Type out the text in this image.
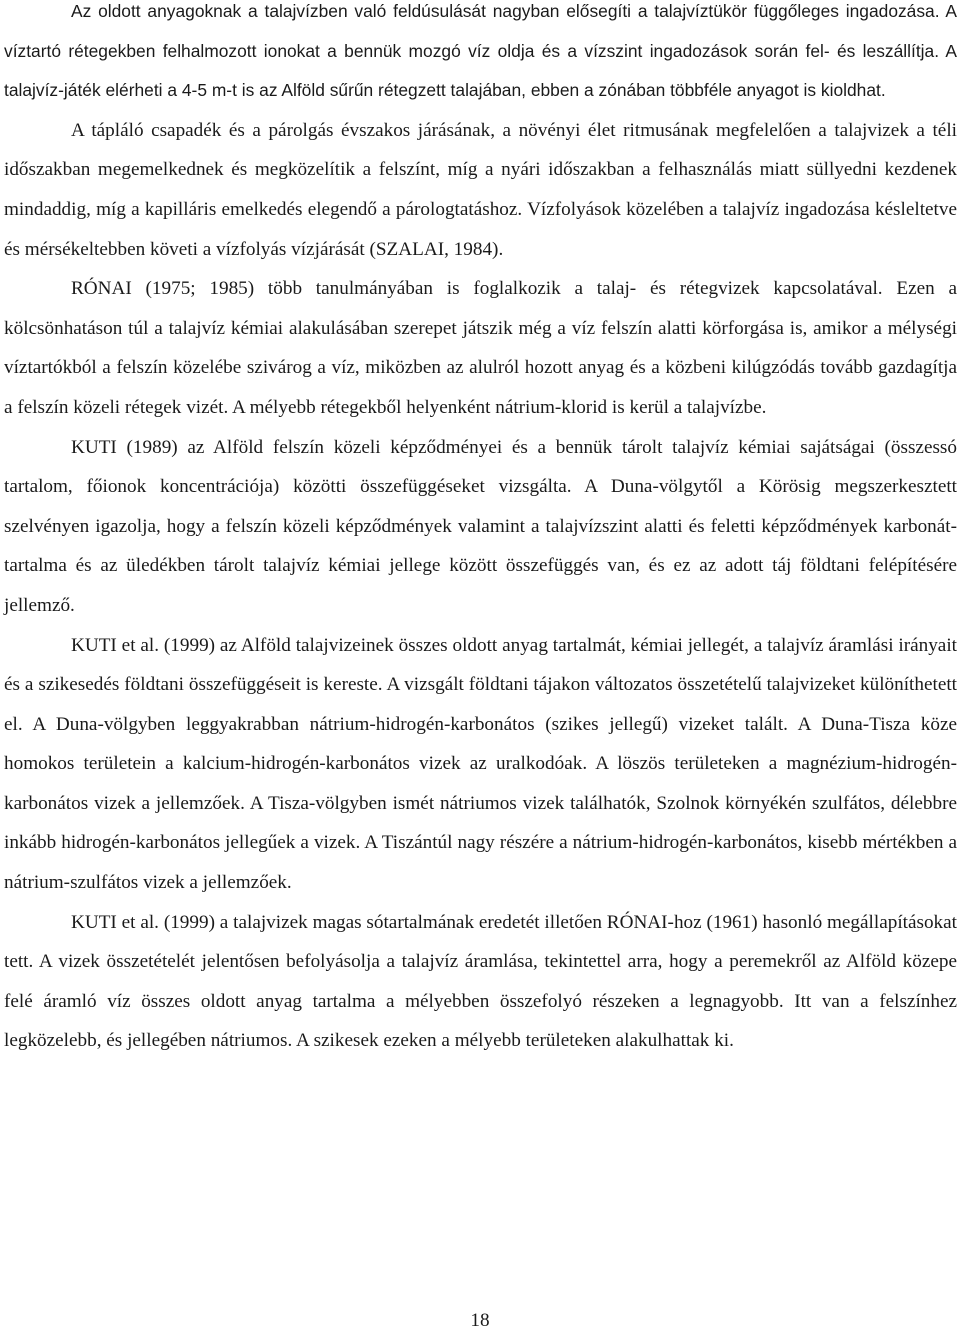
Az oldott anyagoknak a talajvízben való feldúsulását nagyban elősegíti a talajvíztükör függőleges ingadozása. A víztartó rétegekben felhalmozott ionokat a bennük mozgó víz oldja és a vízszint ingadozások során fel- és leszállítja. A talajvíz-játék elérheti a 4-5 m-t is az Alföld sűrűn rétegzett talajában, ebben a zónában többféle anyagot is kioldhat.

A tápláló csapadék és a párolgás évszakos járásának, a növényi élet ritmusának megfelelően a talajvizek a téli időszakban megemelkednek és megközelítik a felszínt, míg a nyári időszakban a felhasználás miatt süllyedni kezdenek mindaddig, míg a kapilláris emelkedés elegendő a párologtatáshoz. Vízfolyások közelében a talajvíz ingadozása késleltetve és mérsékeltebben követi a vízfolyás vízjárását (SZALAI, 1984).

RÓNAI (1975; 1985) több tanulmányában is foglalkozik a talaj- és rétegvizek kapcsolatával. Ezen a kölcsönhatáson túl a talajvíz kémiai alakulásában szerepet játszik még a víz felszín alatti körforgása is, amikor a mélységi víztartókból a felszín közelébe szivárog a víz, miközben az alulról hozott anyag és a közbeni kilúgzódás tovább gazdagítja a felszín közeli rétegek vizét. A mélyebb rétegekből helyenként nátrium-klorid is kerül a talajvízbe.

KUTI (1989) az Alföld felszín közeli képződményei és a bennük tárolt talajvíz kémiai sajátságai (összessó tartalom, főionok koncentrációja) közötti összefüggéseket vizsgálta. A Duna-völgytől a Körösig megszerkesztett szelvényen igazolja, hogy a felszín közeli képződmények valamint a talajvízszint alatti és feletti képződmények karbonát-tartalma és az üledékben tárolt talajvíz kémiai jellege között összefüggés van, és ez az adott táj földtani felépítésére jellemző.

KUTI et al. (1999) az Alföld talajvizeinek összes oldott anyag tartalmát, kémiai jellegét, a talajvíz áramlási irányait és a szikesedés földtani összefüggéseit is kereste. A vizsgált földtani tájakon változatos összetételű talajvizeket különíthetett el. A Duna-völgyben leggyakrabban nátrium-hidrogén-karbonátos (szikes jellegű) vizeket talált. A Duna-Tisza köze homokos területein a kalcium-hidrogén-karbonátos vizek az uralkodóak. A löszös területeken a magnézium-hidrogén-karbonátos vizek a jellemzőek. A Tisza-völgyben ismét nátriumos vizek találhatók, Szolnok környékén szulfátos, délebbre inkább hidrogén-karbonátos jellegűek a vizek. A Tiszántúl nagy részére a nátrium-hidrogén-karbonátos, kisebb mértékben a nátrium-szulfátos vizek a jellemzőek.

KUTI et al. (1999) a talajvizek magas sótartalmának eredetét illetően RÓNAI-hoz (1961) hasonló megállapításokat tett. A vizek összetételét jelentősen befolyásolja a talajvíz áramlása, tekintettel arra, hogy a peremekről az Alföld közepe felé áramló víz összes oldott anyag tartalma a mélyebben összefolyó részeken a legnagyobb. Itt van a felszínhez legközelebb, és jellegében nátriumos. A szikesek ezeken a mélyebb területeken alakulhattak ki.

18
